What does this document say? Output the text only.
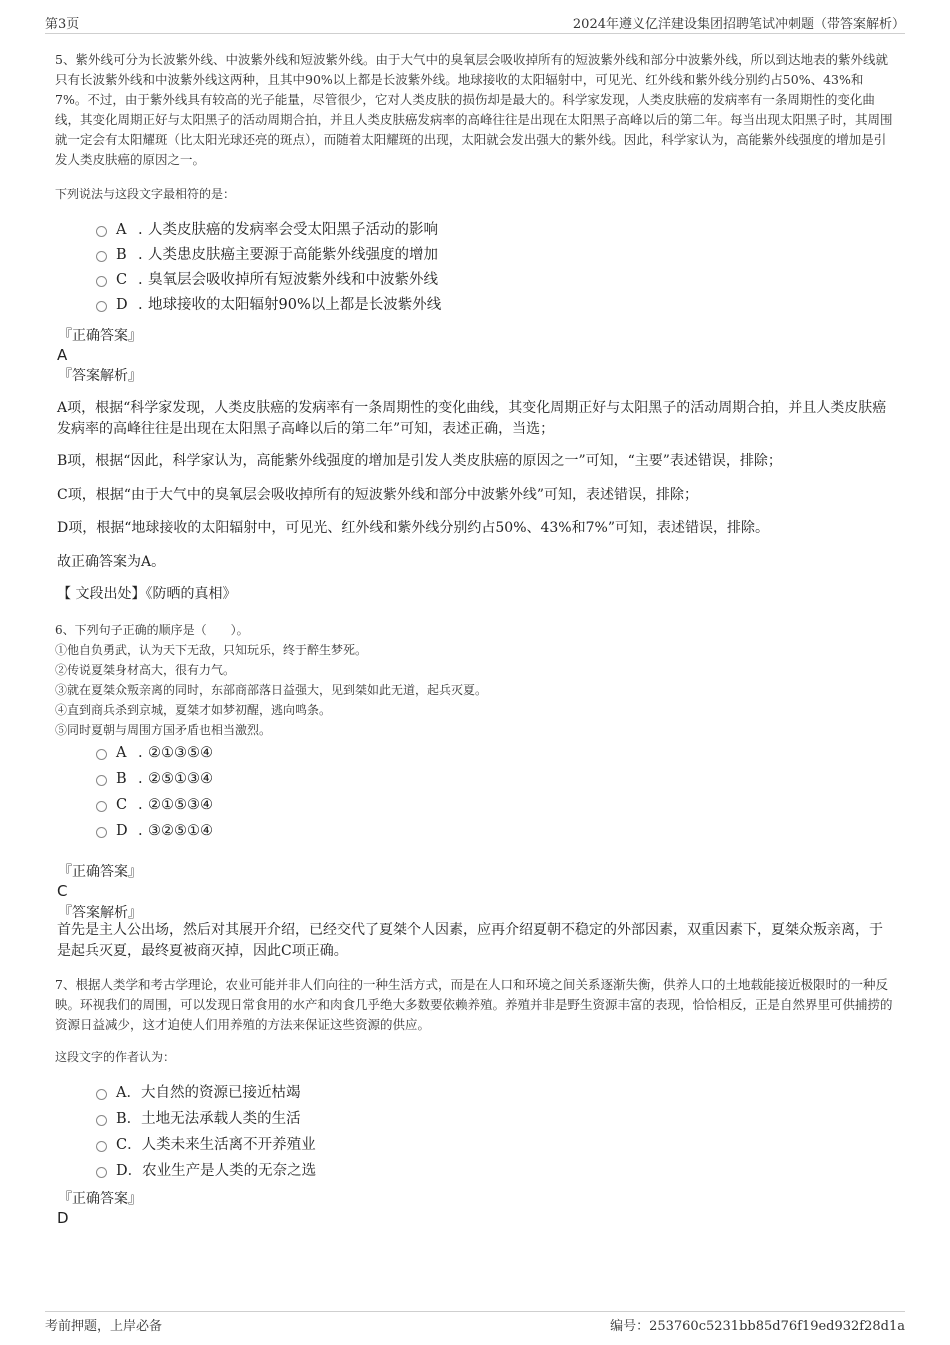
第3页	2024年遵义亿洋建设集团招聘笔试冲刺题（带答案解析）
5、紫外线可分为长波紫外线、中波紫外线和短波紫外线。由于大气中的臭氧层会吸收掉所有的短波紫外线和部分中波紫外线，所以到达地表的紫外线就只有长波紫外线和中波紫外线这两种，且其中90%以上都是长波紫外线。地球接收的太阳辐射中，可见光、红外线和紫外线分别约占50%、43%和7%。不过，由于紫外线具有较高的光子能量，尽管很少，它对人类皮肤的损伤却是最大的。科学家发现，人类皮肤癌的发病率有一条周期性的变化曲线，其变化周期正好与太阳黑子的活动周期合拍，并且人类皮肤癌发病率的高峰往往是出现在太阳黑子高峰以后的第二年。每当出现太阳黑子时，其周围就一定会有太阳耀斑（比太阳光球还亮的斑点），而随着太阳耀斑的出现，太阳就会发出强大的紫外线。因此，科学家认为，高能紫外线强度的增加是引发人类皮肤癌的原因之一。
下列说法与这段文字最相符的是：
A . 人类皮肤癌的发病率会受太阳黑子活动的影响
B . 人类患皮肤癌主要源于高能紫外线强度的增加
C . 臭氧层会吸收掉所有短波紫外线和中波紫外线
D . 地球接收的太阳辐射90%以上都是长波紫外线
『正确答案』
A
『答案解析』
A项，根据“科学家发现，人类皮肤癌的发病率有一条周期性的变化曲线，其变化周期正好与太阳黑子的活动周期合拍，并且人类皮肤癌发病率的高峰往往是出现在太阳黑子高峰以后的第二年”可知，表述正确，当选；
B项，根据“因此，科学家认为，高能紫外线强度的增加是引发人类皮肤癌的原因之一”可知，“主要”表述错误，排除；
C项，根据“由于大气中的臭氧层会吸收掉所有的短波紫外线和部分中波紫外线”可知，表述错误，排除；
D项，根据“地球接收的太阳辐射中，可见光、红外线和紫外线分别约占50%、43%和7%”可知，表述错误，排除。
故正确答案为A。
【 文段出处】《防晒的真相》
6、下列句子正确的顺序是（　　）。
①他自负勇武，认为天下无敌，只知玩乐，终于醉生梦死。
②传说夏桀身材高大，很有力气。
③就在夏桀众叛亲离的同时，东部商部落日益强大，见到桀如此无道，起兵灭夏。
④直到商兵杀到京城，夏桀才如梦初醒，逃向鸣条。
⑤同时夏朝与周围方国矛盾也相当激烈。
A . ②①③⑤④
B . ②⑤①③④
C . ②①⑤③④
D . ③②⑤①④
『正确答案』
C
『答案解析』
首先是主人公出场，然后对其展开介绍，已经交代了夏桀个人因素，应再介绍夏朝不稳定的外部因素，双重因素下，夏桀众叛亲离，于是起兵灭夏，最终夏被商灭掉，因此C项正确。
7、根据人类学和考古学理论，农业可能并非人们向往的一种生活方式，而是在人口和环境之间关系逐渐失衡，供养人口的土地载能接近极限时的一种反映。环视我们的周围，可以发现日常食用的水产和肉食几乎绝大多数要依赖养殖。养殖并非是野生资源丰富的表现，恰恰相反，正是自然界里可供捕捞的资源日益减少，这才迫使人们用养殖的方法来保证这些资源的供应。
这段文字的作者认为：
A．大自然的资源已接近枯竭
B．土地无法承载人类的生活
C．人类未来生活离不开养殖业
D．农业生产是人类的无奈之选
『正确答案』
D
考前押题，上岸必备	编号：253760c5231bb85d76f19ed932f28d1a
